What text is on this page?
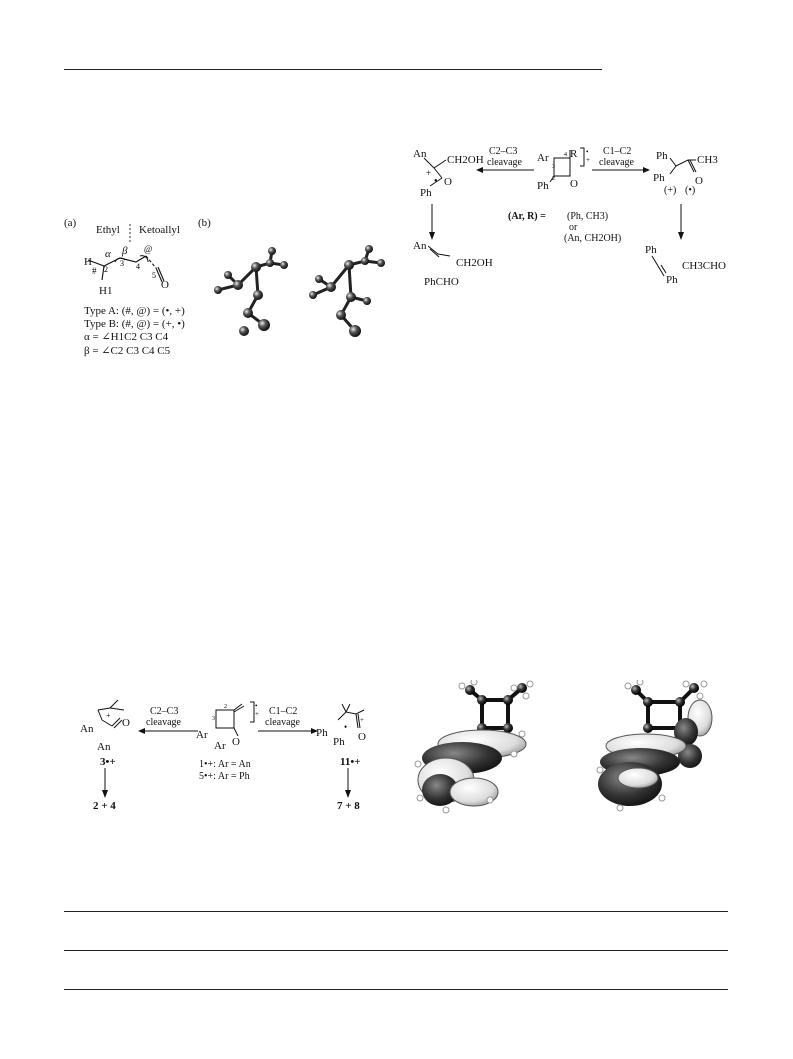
(a)
Ethyl Ketoallyl
2
3 4
5
#
@
α β
H
H1	O
Type A: (#, @) = (•, +)
Type B: (#, @) = (+, •)
α = ∠H1C2 C3 C4
β = ∠C2 C3 C4 C5
(b)
An CH2OH
Ph
O
+
•
Ar R
Ph O
•
+
3
4
2
C2–C3
cleavage
C1–C2
cleavage
(Ar, R) = (Ph, CH3)
or
(An, CH2OH)
Ph	CH3
Ph	O
(+) (•)
An
CH2OH
PhCHO
Ph
Ph
CH3CHO
+
An
An
O
3•+
2 + 4
C2–C3
cleavage
C1–C2
cleavage
•
+
3
2
Ar
Ar O
1•+: Ar = An
5•+: Ar = Ph
+
•
Ph
Ph O
11•+
7 + 8
